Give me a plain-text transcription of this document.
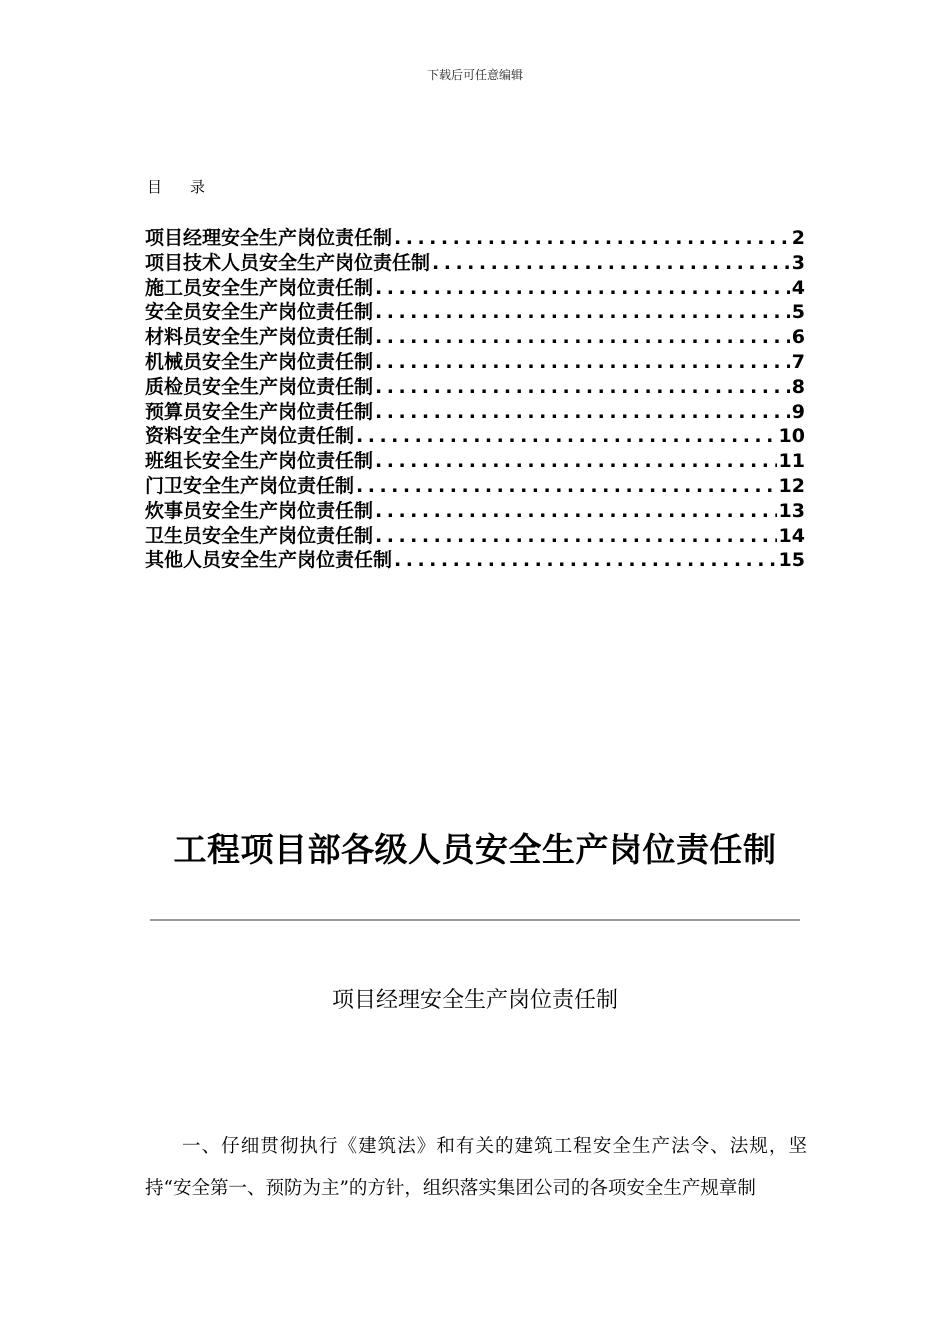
下载后可任意编辑
目 录
项目经理安全生产岗位责任制 .....	2
项目技术人员安全生产岗位责任制 .....	3
施工员安全生产岗位责任制 .....	4
安全员安全生产岗位责任制 .....	5
材料员安全生产岗位责任制 .....	6
机械员安全生产岗位责任制 .....	7
质检员安全生产岗位责任制 .....	8
预算员安全生产岗位责任制 .....	9
资料安全生产岗位责任制 .....	10
班组长安全生产岗位责任制 .....	11
门卫安全生产岗位责任制 .....	12
炊事员安全生产岗位责任制 .....	13
卫生员安全生产岗位责任制 .....	14
其他人员安全生产岗位责任制 .....	15
工程项目部各级人员安全生产岗位责任制
项目经理安全生产岗位责任制

一、仔细贯彻执行《建筑法》和有关的建筑工程安全生产法令、法规，坚持“安全第一、预防为主”的方针，组织落实集团公司的各项安全生产规章制
